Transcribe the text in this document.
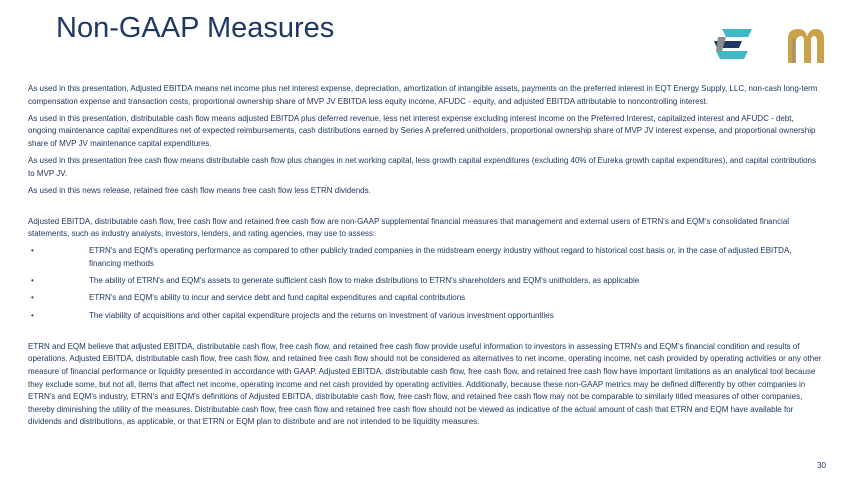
Non-GAAP Measures

As used in this presentation, Adjusted EBITDA means net income plus net interest expense, depreciation, amortization of intangible assets, payments on the preferred interest in EQT Energy Supply, LLC, non-cash long-term compensation expense and transaction costs, proportional ownership share of MVP JV EBITDA less equity income, AFUDC - equity, and adjusted EBITDA attributable to noncontrolling interest.

As used in this presentation, distributable cash flow means adjusted EBITDA plus deferred revenue, less net interest expense excluding interest income on the Preferred Interest, capitalized interest and AFUDC - debt, ongoing maintenance capital expenditures net of expected reimbursements, cash distributions earned by Series A preferred unitholders, proportional ownership share of MVP JV interest expense, and proportional ownership share of MVP JV maintenance capital expenditures.

As used in this presentation free cash flow means distributable cash flow plus changes in net working capital, less growth capital expenditures (excluding 40% of Eureka growth capital expenditures), and capital contributions to MVP JV.

As used in this news release, retained free cash flow means free cash flow less ETRN dividends.

Adjusted EBITDA, distributable cash flow, free cash flow and retained free cash flow are non-GAAP supplemental financial measures that management and external users of ETRN's and EQM's consolidated financial statements, such as industry analysts, investors, lenders, and rating agencies, may use to assess:

•	ETRN's and EQM's operating performance as compared to other publicly traded companies in the midstream energy industry without regard to historical cost basis or, in the case of adjusted EBITDA, financing methods
•	The ability of ETRN's and EQM's assets to generate sufficient cash flow to make distributions to ETRN's shareholders and EQM's unitholders, as applicable
•	ETRN's and EQM's ability to incur and service debt and fund capital expenditures and capital contributions
•	The viability of acquisitions and other capital expenditure projects and the returns on investment of various investment opportunities

ETRN and EQM believe that adjusted EBITDA, distributable cash flow, free cash flow, and retained free cash flow provide useful information to investors in assessing ETRN's and EQM's financial condition and results of operations. Adjusted EBITDA, distributable cash flow, free cash flow, and retained free cash flow should not be considered as alternatives to net income, operating income, net cash provided by operating activities or any other measure of financial performance or liquidity presented in accordance with GAAP. Adjusted EBITDA, distributable cash flow, free cash flow, and retained free cash flow have important limitations as an analytical tool because they exclude some, but not all, items that affect net income, operating income and net cash provided by operating activities. Additionally, because these non-GAAP metrics may be defined differently by other companies in ETRN's and EQM's industry, ETRN's and EQM's definitions of Adjusted EBITDA, distributable cash flow, free cash flow, and retained free cash flow may not be comparable to similarly titled measures of other companies, thereby diminishing the utility of the measures. Distributable cash flow, free cash flow and retained free cash flow should not be viewed as indicative of the actual amount of cash that ETRN and EQM have available for dividends and distributions, as applicable, or that ETRN or EQM plan to distribute and are not intended to be liquidity measures.

30
